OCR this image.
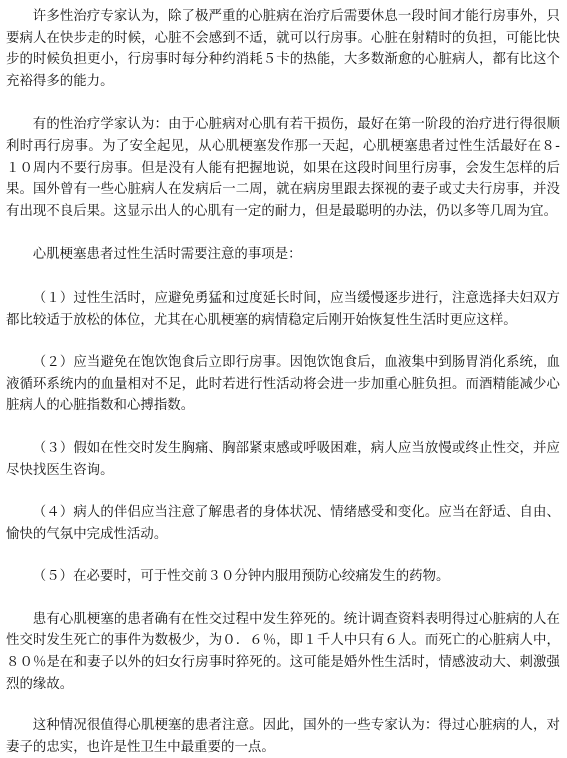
许多性治疗专家认为，除了极严重的心脏病在治疗后需要休息一段时间才能行房事外，只要病人在快步走的时候，心脏不会感到不适，就可以行房事。心脏在射精时的负担，可能比快步的时候负担更小，行房事时每分种约消耗５卡的热能，大多数渐愈的心脏病人，都有比这个充裕得多的能力。

有的性治疗学家认为：由于心脏病对心肌有若干损伤，最好在第一阶段的治疗进行得很顺利时再行房事。为了安全起见，从心肌梗塞发作那一天起，心肌梗塞患者过性生活最好在８-１０周内不要行房事。但是没有人能有把握地说，如果在这段时间里行房事，会发生怎样的后果。国外曾有一些心脏病人在发病后一二周，就在病房里跟去探视的妻子或丈夫行房事，并没有出现不良后果。这显示出人的心肌有一定的耐力，但是最聪明的办法，仍以多等几周为宜。

心肌梗塞患者过性生活时需要注意的事项是：

（１）过性生活时，应避免勇猛和过度延长时间，应当缓慢逐步进行，注意选择夫妇双方都比较适于放松的体位，尤其在心肌梗塞的病情稳定后刚开始恢复性生活时更应这样。

（２）应当避免在饱饮饱食后立即行房事。因饱饮饱食后，血液集中到肠胃消化系统，血液循环系统内的血量相对不足，此时若进行性活动将会进一步加重心脏负担。而酒精能减少心脏病人的心脏指数和心搏指数。

（３）假如在性交时发生胸痛、胸部紧束感或呼吸困难，病人应当放慢或终止性交，并应尽快找医生咨询。

（４）病人的伴侣应当注意了解患者的身体状况、情绪感受和变化。应当在舒适、自由、愉快的气氛中完成性活动。

（５）在必要时，可于性交前３０分钟内服用预防心绞痛发生的药物。

患有心肌梗塞的患者确有在性交过程中发生猝死的。统计调查资料表明得过心脏病的人在性交时发生死亡的事件为数极少，为０．６％，即１千人中只有６人。而死亡的心脏病人中，８０％是在和妻子以外的妇女行房事时猝死的。这可能是婚外性生活时，情感波动大、刺激强烈的缘故。

这种情况很值得心肌梗塞的患者注意。因此，国外的一些专家认为：得过心脏病的人，对妻子的忠实，也许是性卫生中最重要的一点。
